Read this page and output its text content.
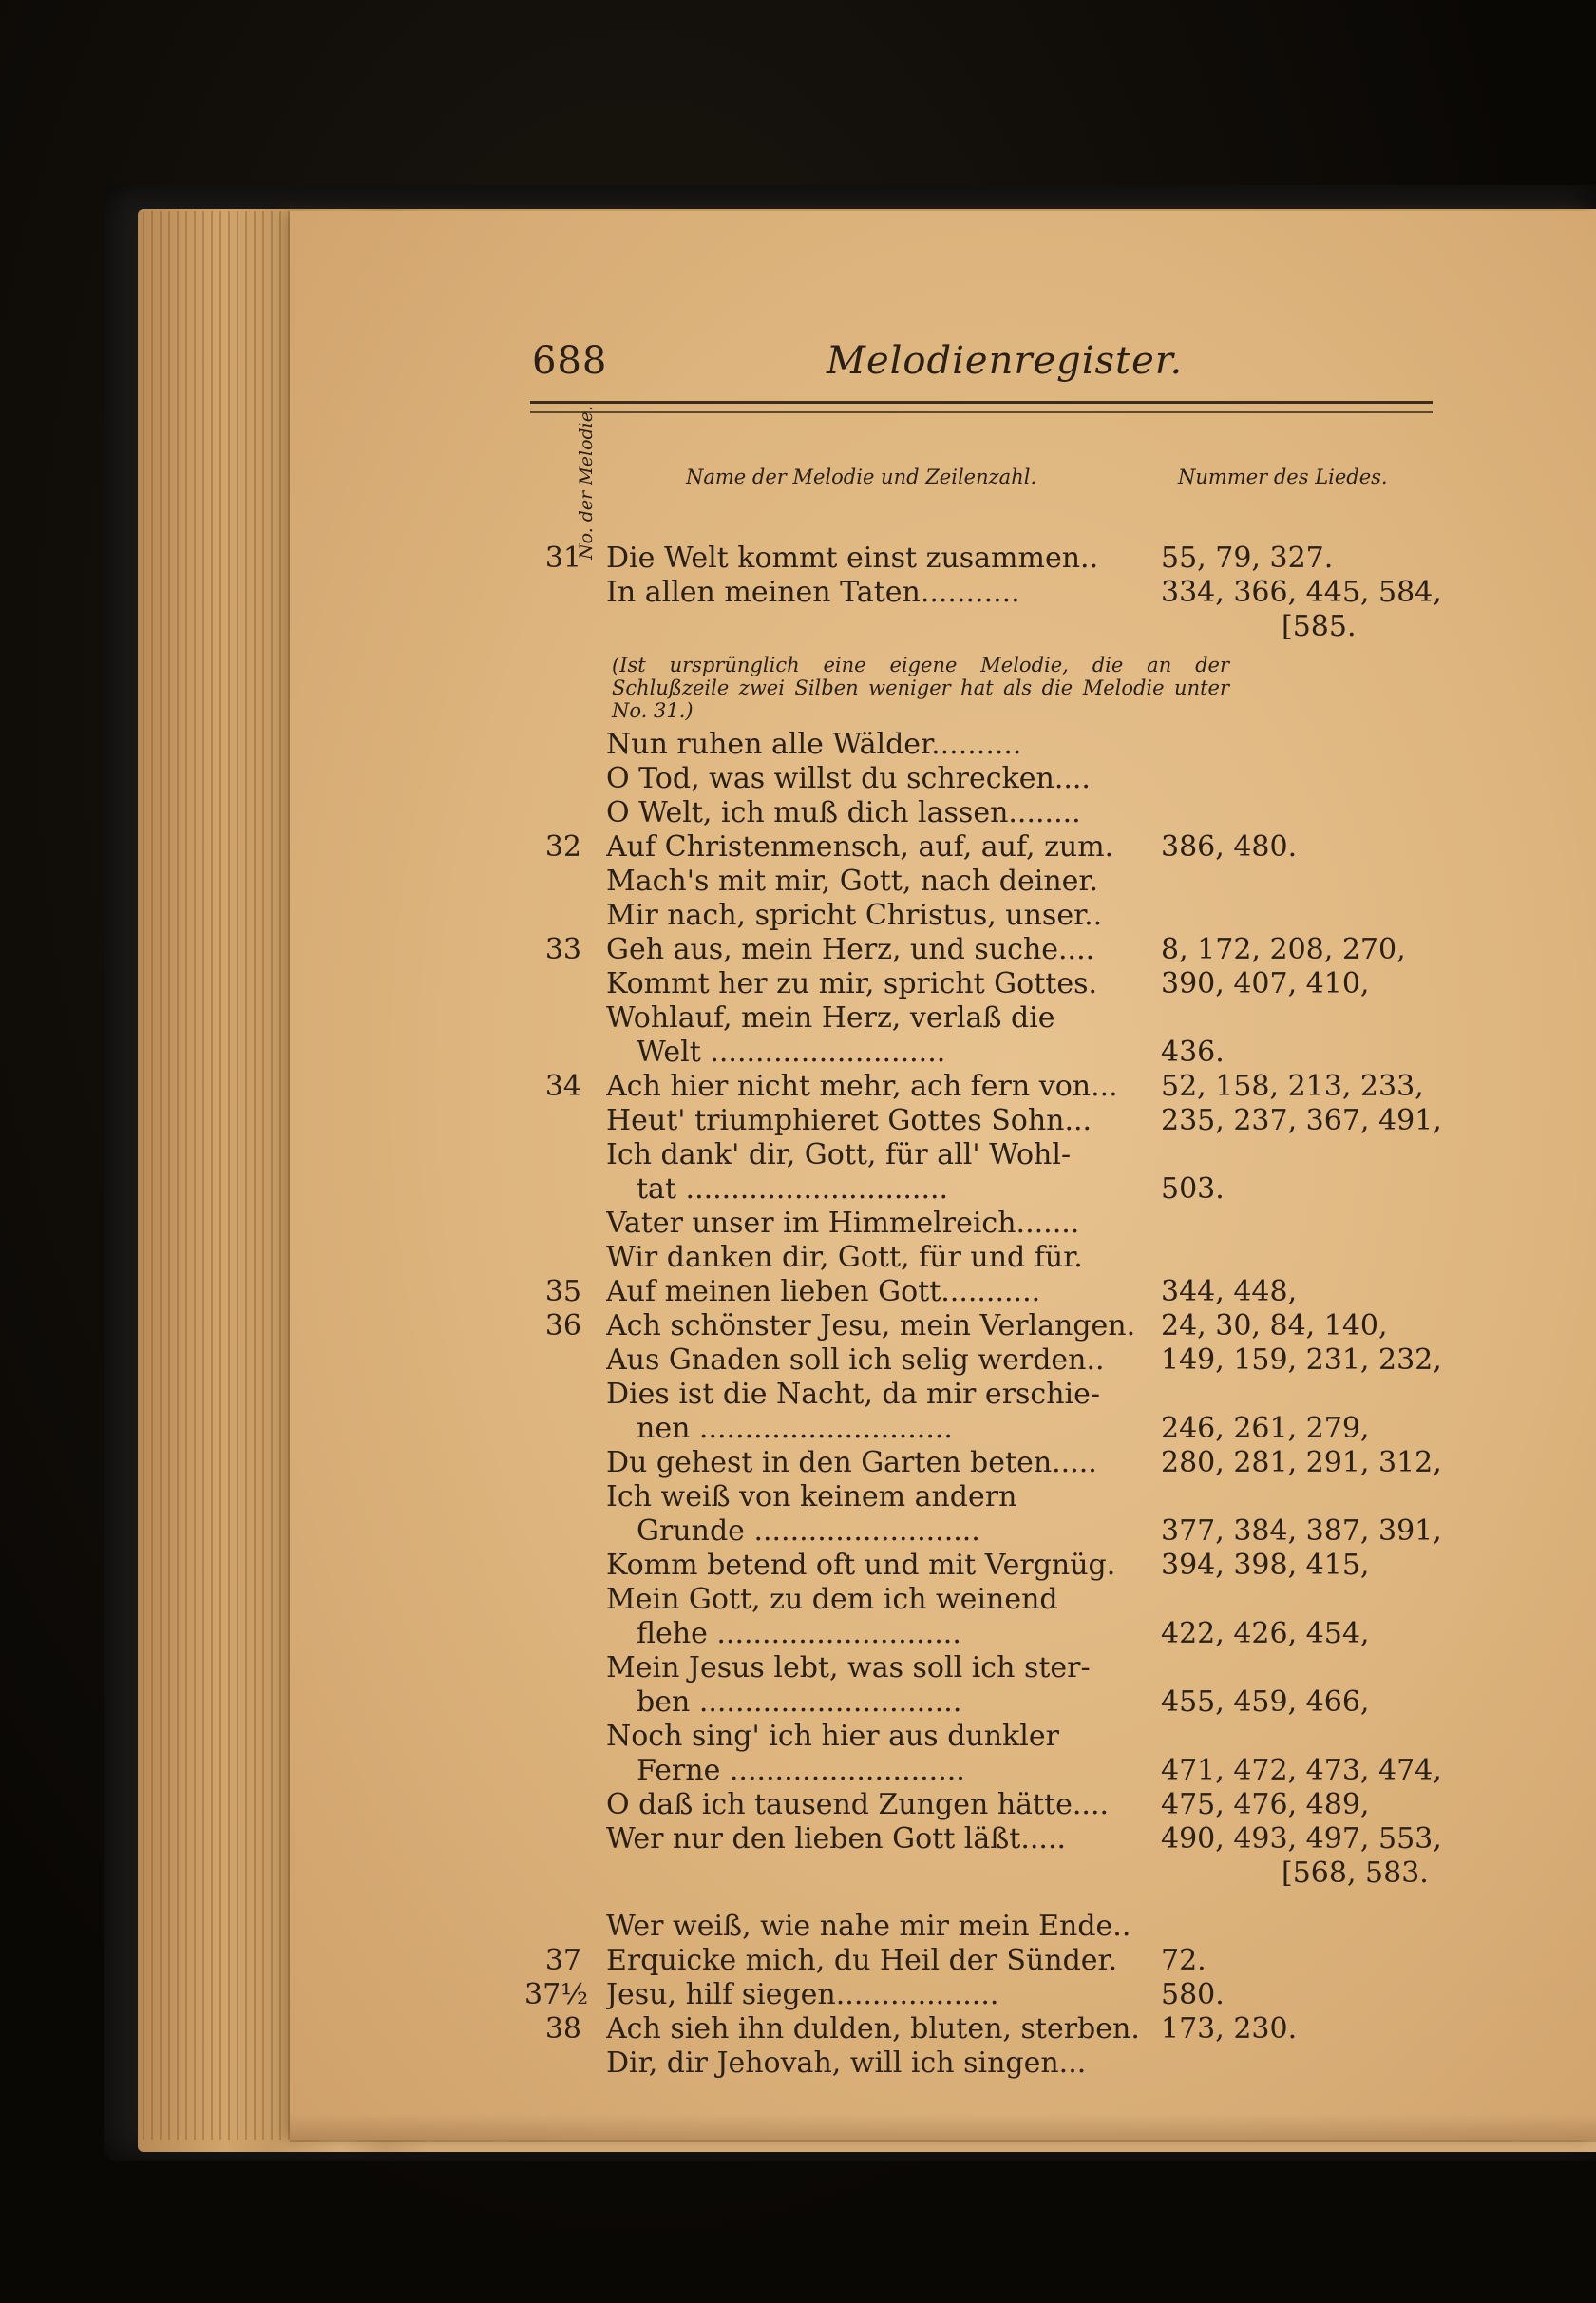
688	Melodienregister.
No. der Melodie.	Name der Melodie und Zeilenzahl.	Nummer des Liedes.
31 Die Welt kommt einst zusammen..	55, 79, 327.
In allen meinen Taten...........	334, 366, 445, 584,
[585.
(Ist ursprünglich eine eigene Melodie, die an der Schlußzeile zwei Silben weniger hat als die Melodie unter No. 31.)
Nun ruhen alle Wälder..........
O Tod, was willst du schrecken....
O Welt, ich muß dich lassen........
32 Auf Christenmensch, auf, auf, zum.	386, 480.
Mach's mit mir, Gott, nach deiner.
Mir nach, spricht Christus, unser..
33 Geh aus, mein Herz, und suche....	8, 172, 208, 270,
Kommt her zu mir, spricht Gottes.	390, 407, 410,
Wohlauf, mein Herz, verlaß die
Welt ..........................	436.
34 Ach hier nicht mehr, ach fern von...	52, 158, 213, 233,
Heut' triumphieret Gottes Sohn...	235, 237, 367, 491,
Ich dank' dir, Gott, für all' Wohl-
tat .............................	503.
Vater unser im Himmelreich.......
Wir danken dir, Gott, für und für.
35 Auf meinen lieben Gott...........	344, 448,
36 Ach schönster Jesu, mein Verlangen. 24, 30, 84, 140,
Aus Gnaden soll ich selig werden..	149, 159, 231, 232,
Dies ist die Nacht, da mir erschie-
nen ............................	246, 261, 279,
Du gehest in den Garten beten.....	280, 281, 291, 312,
Ich weiß von keinem andern
Grunde .........................	377, 384, 387, 391,
Komm betend oft und mit Vergnüg.	394, 398, 415,
Mein Gott, zu dem ich weinend
flehe ...........................	422, 426, 454,
Mein Jesus lebt, was soll ich ster-
ben .............................	455, 459, 466,
Noch sing' ich hier aus dunkler
Ferne ..........................	471, 472, 473, 474,
O daß ich tausend Zungen hätte....	475, 476, 489,
Wer nur den lieben Gott läßt.....	490, 493, 497, 553,
[568, 583.
Wer weiß, wie nahe mir mein Ende..
37 Erquicke mich, du Heil der Sünder.	72.
37½ Jesu, hilf siegen..................	580.
38 Ach sieh ihn dulden, bluten, sterben. 173, 230.
Dir, dir Jehovah, will ich singen...
